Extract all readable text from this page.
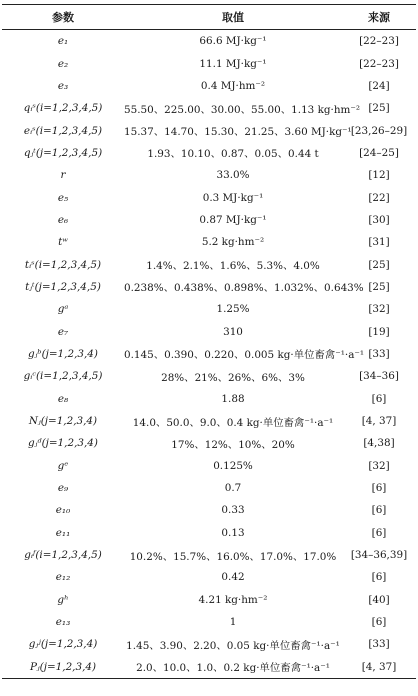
参数	取值	来源
e₁	66.6 MJ·kg⁻¹	[22–23]
e₂	11.1 MJ·kg⁻¹	[22–23]
e₃	0.4 MJ·hm⁻²	[24]
qᵢˢ(i=1,2,3,4,5)	55.50、225.00、30.00、55.00、1.13 kg·hm⁻² [25]
eᵢˢ(i=1,2,3,4,5)	15.37、14.70、15.30、21.25、3.60 MJ·kg⁻¹ [23,26–29]
qⱼᵗ(j=1,2,3,4,5)	1.93、10.10、0.87、0.05、0.44 t	[24–25]
r	33.0%	[12]
e₅	0.3 MJ·kg⁻¹	[22]
e₆	0.87 MJ·kg⁻¹	[30]
tʷ	5.2 kg·hm⁻²	[31]
tᵢˢ(i=1,2,3,4,5)	1.4%、2.1%、1.6%、5.3%、4.0%	[25]
tⱼᵗ(j=1,2,3,4,5)	0.238%、0.438%、0.898%、1.032%、0.643% [25]
gᵃ	1.25%	[32]
e₇	310	[19]
gⱼᵇ(j=1,2,3,4)	0.145、0.390、0.220、0.005 kg·单位畜禽⁻¹·a⁻¹ [33]
gᵢᶜ(i=1,2,3,4,5)	28%、21%、26%、6%、3%	[34–36]
e₈	1.88	[6]
Nⱼ(j=1,2,3,4)	14.0、50.0、9.0、0.4 kg·单位畜禽⁻¹·a⁻¹	[4, 37]
gⱼᵈ(j=1,2,3,4)	17%、12%、10%、20%	[4,38]
gᵉ	0.125%	[32]
e₉	0.7	[6]
e₁₀	0.33	[6]
e₁₁	0.13	[6]
gᵢᶠ(i=1,2,3,4,5)	10.2%、15.7%、16.0%、17.0%、17.0%	[34–36,39]
e₁₂	0.42	[6]
gʰ	4.21 kg·hm⁻²	[40]
e₁₃	1	[6]
gⱼʲ(j=1,2,3,4)	1.45、3.90、2.20、0.05 kg·单位畜禽⁻¹·a⁻¹	[33]
Pⱼ(j=1,2,3,4)	2.0、10.0、1.0、0.2 kg·单位畜禽⁻¹·a⁻¹	[4, 37]
